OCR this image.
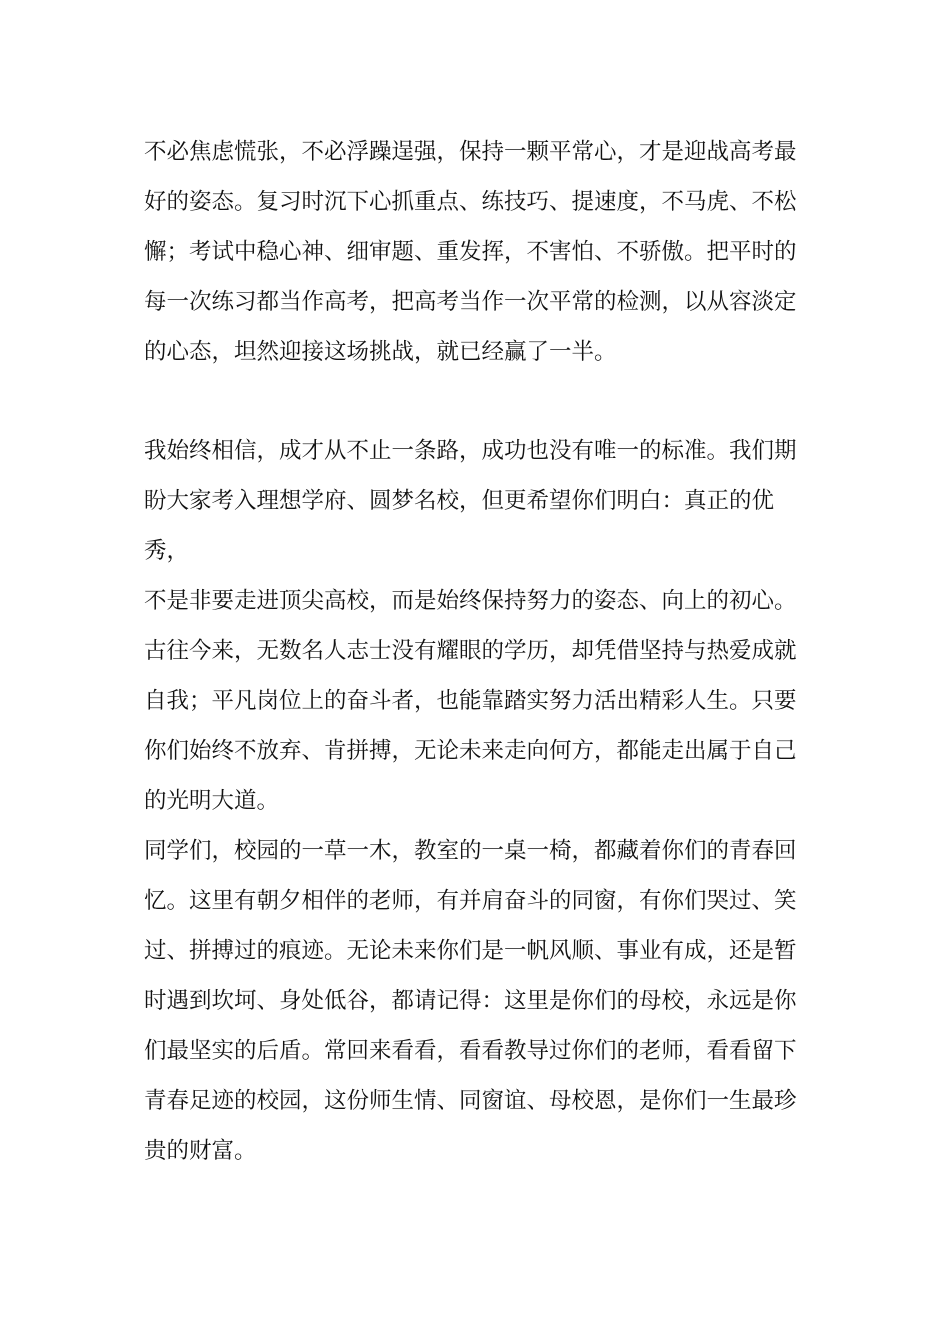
不必焦虑慌张，不必浮躁逞强，保持一颗平常心，才是迎战高考最
好的姿态。复习时沉下心抓重点、练技巧、提速度，不马虎、不松
懈；考试中稳心神、细审题、重发挥，不害怕、不骄傲。把平时的
每一次练习都当作高考，把高考当作一次平常的检测，以从容淡定
的心态，坦然迎接这场挑战，就已经赢了一半。

我始终相信，成才从不止一条路，成功也没有唯一的标准。我们期
盼大家考入理想学府、圆梦名校，但更希望你们明白：真正的优秀，
不是非要走进顶尖高校，而是始终保持努力的姿态、向上的初心。
古往今来，无数名人志士没有耀眼的学历，却凭借坚持与热爱成就
自我；平凡岗位上的奋斗者，也能靠踏实努力活出精彩人生。只要
你们始终不放弃、肯拼搏，无论未来走向何方，都能走出属于自己
的光明大道。

同学们，校园的一草一木，教室的一桌一椅，都藏着你们的青春回
忆。这里有朝夕相伴的老师，有并肩奋斗的同窗，有你们哭过、笑
过、拼搏过的痕迹。无论未来你们是一帆风顺、事业有成，还是暂
时遇到坎坷、身处低谷，都请记得：这里是你们的母校，永远是你
们最坚实的后盾。常回来看看，看看教导过你们的老师，看看留下
青春足迹的校园，这份师生情、同窗谊、母校恩，是你们一生最珍
贵的财富。
